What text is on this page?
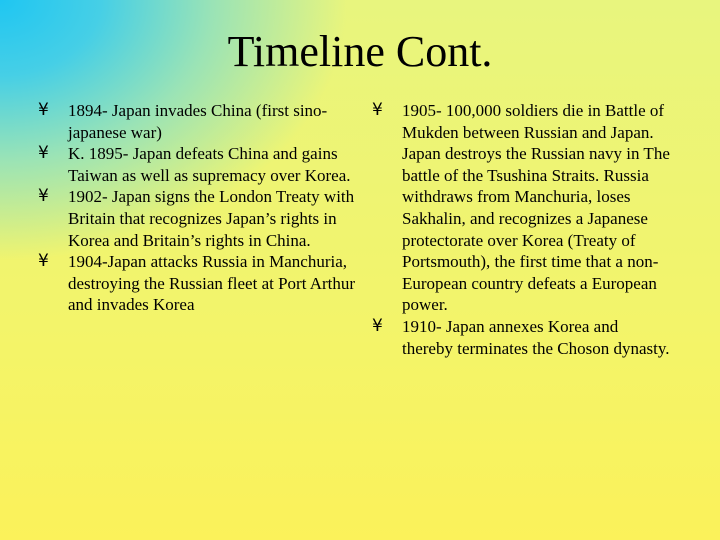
Timeline Cont.
¥	1894- Japan invades China (first sino-japanese war)
¥	K. 1895- Japan defeats China and gains Taiwan as well as supremacy over Korea.
¥	1902- Japan signs the London Treaty with Britain that recognizes Japan’s rights in Korea and Britain’s rights in China.
¥	1904-Japan attacks Russia in Manchuria, destroying the Russian fleet at Port Arthur and invades Korea
¥	1905- 100,000 soldiers die in Battle of Mukden between Russian and Japan. Japan destroys the Russian navy in The battle of the Tsushina Straits. Russia withdraws from Manchuria, loses Sakhalin, and recognizes a Japanese protectorate over Korea (Treaty of Portsmouth), the first time that a non-European country defeats a European power.
¥	1910- Japan annexes Korea and thereby terminates the Choson dynasty.
